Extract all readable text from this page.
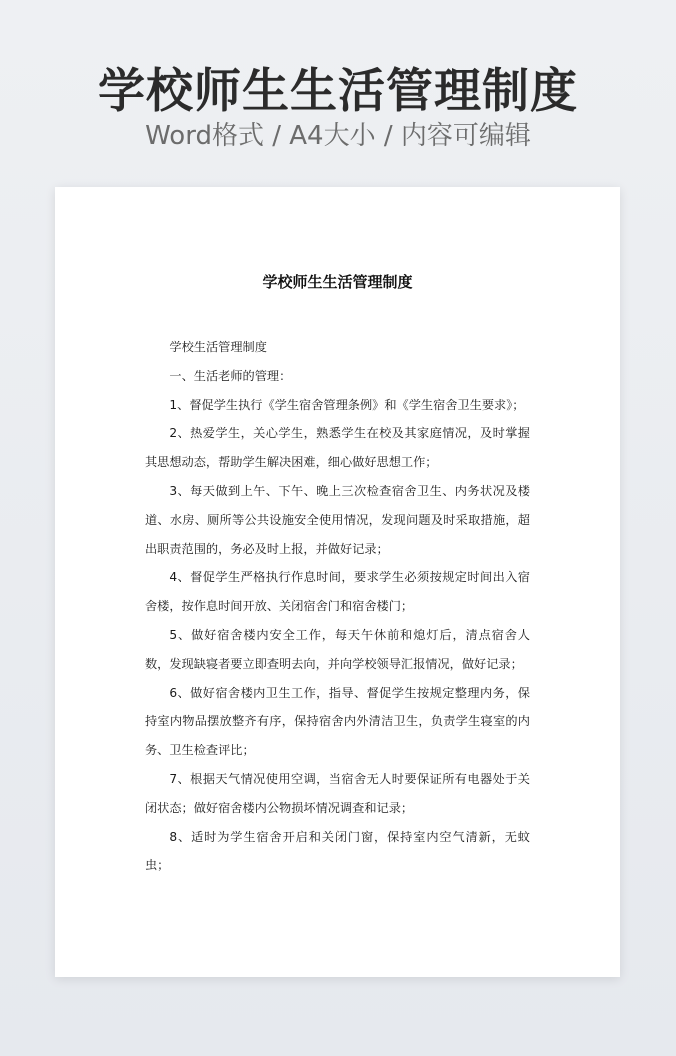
学校师生生活管理制度
Word格式 / A4大小 / 内容可编辑
学校师生生活管理制度

学校生活管理制度

一、生活老师的管理：

1、督促学生执行《学生宿舍管理条例》和《学生宿舍卫生要求》；

2、热爱学生，关心学生，熟悉学生在校及其家庭情况，及时掌握其思想动态，帮助学生解决困难，细心做好思想工作；

3、每天做到上午、下午、晚上三次检查宿舍卫生、内务状况及楼道、水房、厕所等公共设施安全使用情况，发现问题及时采取措施，超出职责范围的，务必及时上报，并做好记录；

4、督促学生严格执行作息时间，要求学生必须按规定时间出入宿舍楼，按作息时间开放、关闭宿舍门和宿舍楼门；

5、做好宿舍楼内安全工作，每天午休前和熄灯后，清点宿舍人数，发现缺寝者要立即查明去向，并向学校领导汇报情况，做好记录；

6、做好宿舍楼内卫生工作，指导、督促学生按规定整理内务，保持室内物品摆放整齐有序，保持宿舍内外清洁卫生，负责学生寝室的内务、卫生检查评比；

7、根据天气情况使用空调，当宿舍无人时要保证所有电器处于关闭状态；做好宿舍楼内公物损坏情况调查和记录；

8、适时为学生宿舍开启和关闭门窗，保持室内空气清新，无蚊虫；
